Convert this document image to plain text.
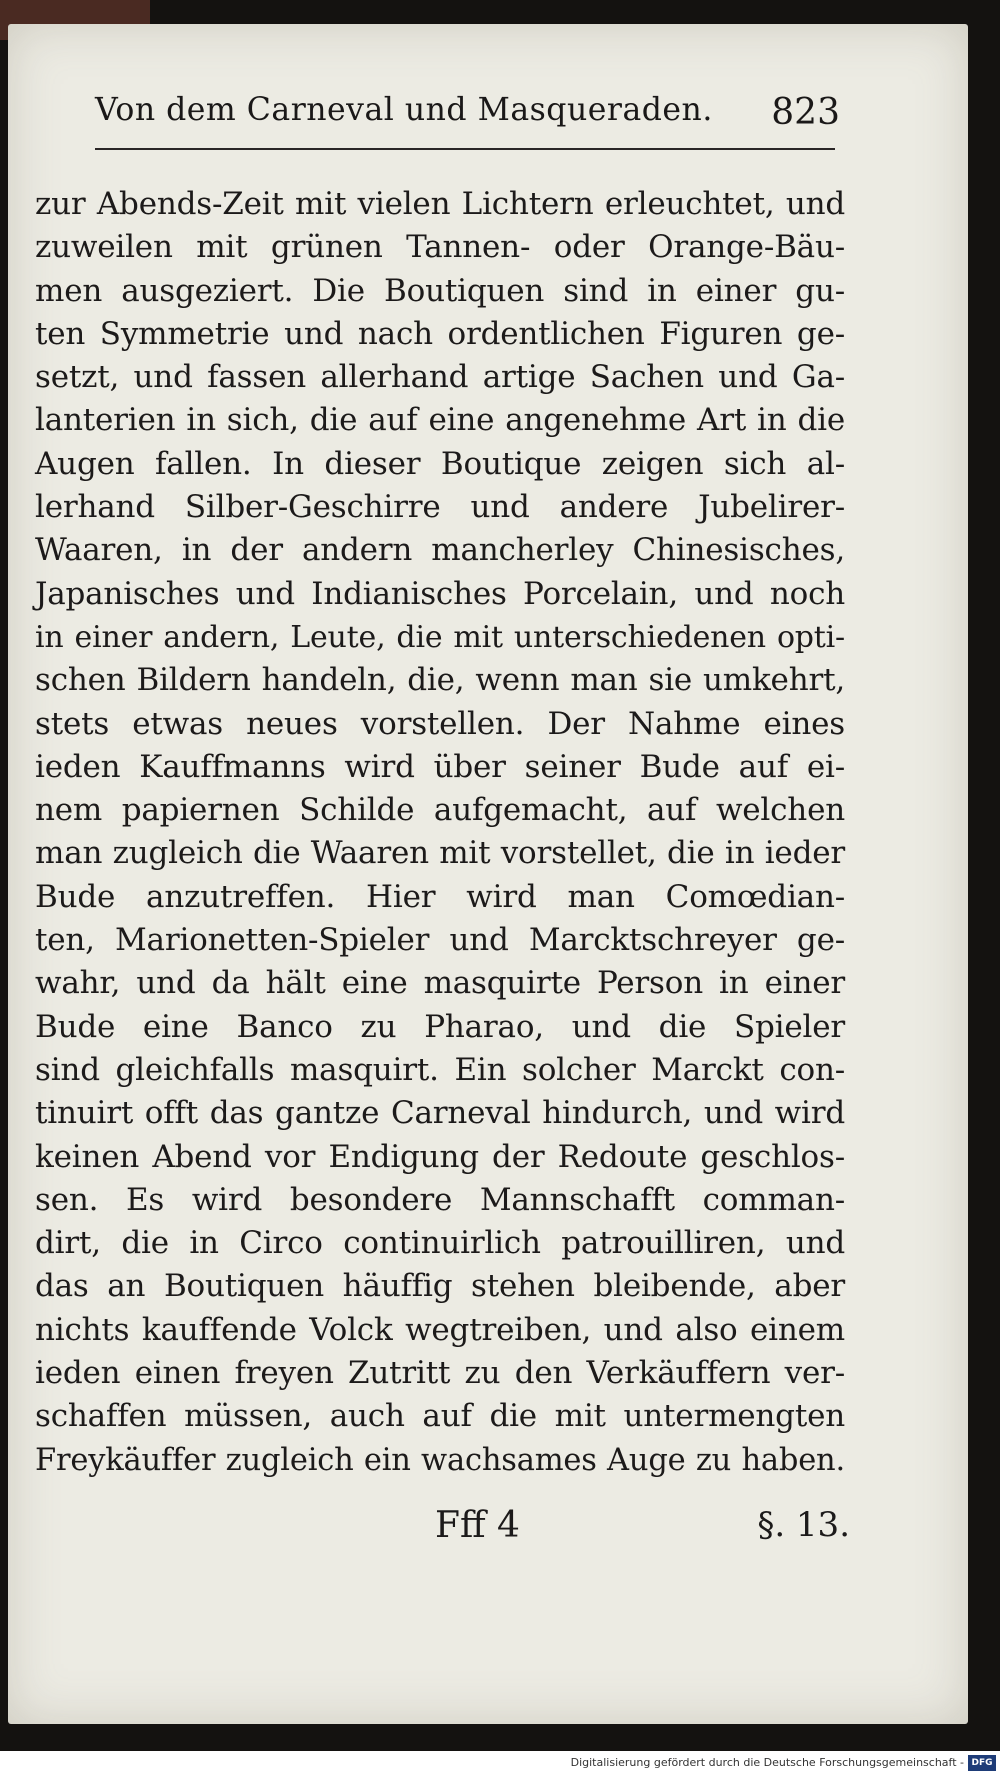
Von dem Carneval und Masqueraden. 823
zur Abends-Zeit mit vielen Lichtern erleuchtet, und
zuweilen mit grünen Tannen- oder Orange-Bäu-
men ausgeziert. Die Boutiquen sind in einer gu-
ten Symmetrie und nach ordentlichen Figuren ge-
setzt, und fassen allerhand artige Sachen und Ga-
lanterien in sich, die auf eine angenehme Art in die
Augen fallen. In dieser Boutique zeigen sich al-
lerhand Silber-Geschirre und andere Jubelirer-
Waaren, in der andern mancherley Chinesisches,
Japanisches und Indianisches Porcelain, und noch
in einer andern, Leute, die mit unterschiedenen opti-
schen Bildern handeln, die, wenn man sie umkehrt,
stets etwas neues vorstellen. Der Nahme eines
ieden Kauffmanns wird über seiner Bude auf ei-
nem papiernen Schilde aufgemacht, auf welchen
man zugleich die Waaren mit vorstellet, die in ieder
Bude anzutreffen. Hier wird man Comœdian-
ten, Marionetten-Spieler und Marcktschreyer ge-
wahr, und da hält eine masquirte Person in einer
Bude eine Banco zu Pharao, und die Spieler
sind gleichfalls masquirt. Ein solcher Marckt con-
tinuirt offt das gantze Carneval hindurch, und wird
keinen Abend vor Endigung der Redoute geschlos-
sen. Es wird besondere Mannschafft comman-
dirt, die in Circo continuirlich patrouilliren, und
das an Boutiquen häuffig stehen bleibende, aber
nichts kauffende Volck wegtreiben, und also einem
ieden einen freyen Zutritt zu den Verkäuffern ver-
schaffen müssen, auch auf die mit untermengten
Freykäuffer zugleich ein wachsames Auge zu haben.
Fff 4	§. 13.
Digitalisierung gefördert durch die Deutsche Forschungsgemeinschaft - DFG
